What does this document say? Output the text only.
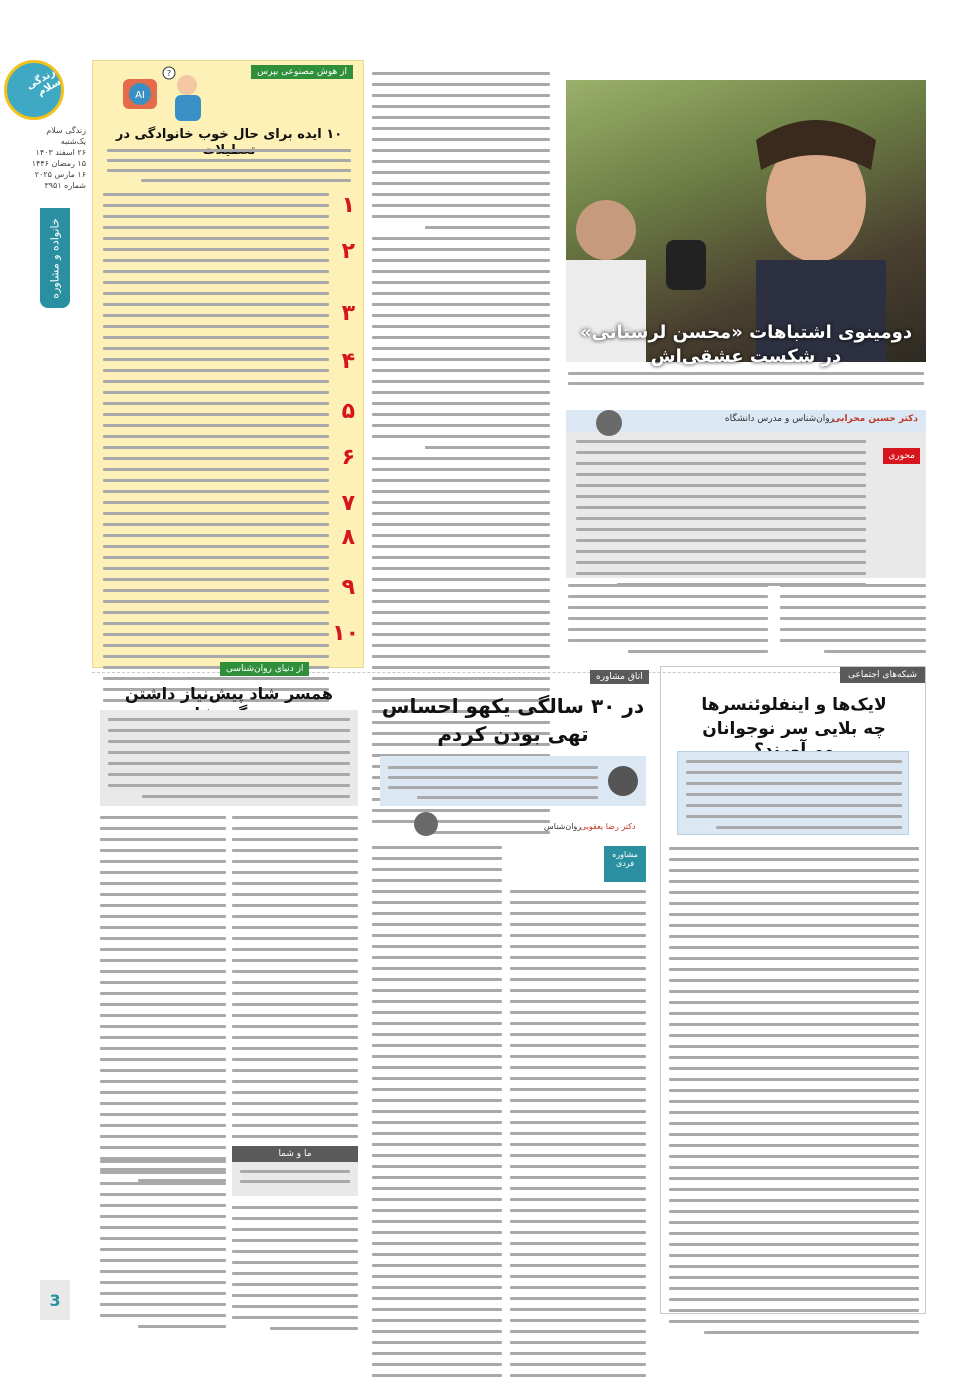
زندگی سلام
زندگی سلام
یک‌شنبه
۲۶ اسفند ۱۴۰۳
۱۵ رمضان ۱۴۴۶
۱۶ مارس ۲۰۲۵
شماره ۳۹۵۱
خانواده و مشاوره
3
از هوش مصنوعی بپرس
AI
?
۱۰ ایده برای حال خوب خانوادگی در
۱
۲
۳
۴
۵
۶
۷
۸
۹
۱۰
دومینوی اشتباهات «محسن لرستانی»
در شکست عشقی‌اش
دکتر حسین محرابی
روان‌شناس و مدرس دانشگاه
محوری
از دنیای روان‌شناسی
همسر شاد پیش‌نیاز داشتن
ما و شما
اتاق مشاوره
در ۳۰ سالگی یکهو احساس
تهی بودن کردم
دکتر رضا یعقوبی
روان‌شناس
مشاوره فردی
شبکه‌های اجتماعی
لایک‌ها و اینفلوئنسرها
چه بلایی سر نوجوانان
